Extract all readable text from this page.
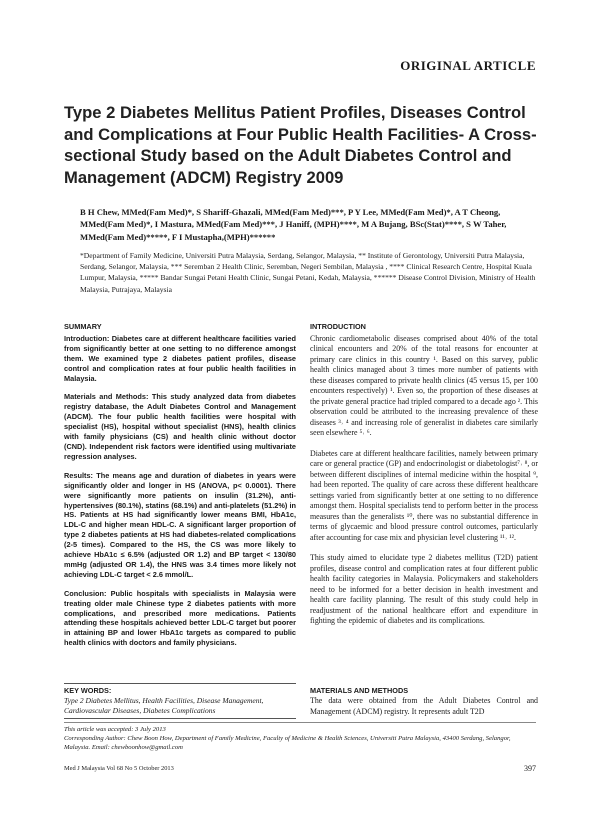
ORIGINAL ARTICLE
Type 2 Diabetes Mellitus Patient Profiles, Diseases Control and Complications at Four Public Health Facilities- A Cross-sectional Study based on the Adult Diabetes Control and Management (ADCM) Registry 2009
B H Chew, MMed(Fam Med)*, S Shariff-Ghazali, MMed(Fam Med)***, P Y Lee, MMed(Fam Med)*, A T Cheong, MMed(Fam Med)*, I Mastura, MMed(Fam Med)***, J Haniff, (MPH)****, M A Bujang, BSc(Stat)****, S W Taher, MMed(Fam Med)*****, F I Mustapha,(MPH)******
*Department of Family Medicine, Universiti Putra Malaysia, Serdang, Selangor, Malaysia, ** Institute of Gerontology, Universiti Putra Malaysia, Serdang, Selangor, Malaysia, *** Seremban 2 Health Clinic, Seremban, Negeri Sembilan, Malaysia , **** Clinical Research Centre, Hospital Kuala Lumpur, Malaysia, ***** Bandar Sungai Petani Health Clinic, Sungai Petani, Kedah, Malaysia, ****** Disease Control Division, Ministry of Health Malaysia, Putrajaya, Malaysia
SUMMARY

Introduction: Diabetes care at different healthcare facilities varied from significantly better at one setting to no difference amongst them. We examined type 2 diabetes patient profiles, disease control and complication rates at four public health facilities in Malaysia.

Materials and Methods: This study analyzed data from diabetes registry database, the Adult Diabetes Control and Management (ADCM). The four public health facilities were hospital with specialist (HS), hospital without specialist (HNS), health clinics with family physicians (CS) and health clinic without doctor (CND). Independent risk factors were identified using multivariate regression analyses.

Results: The means age and duration of diabetes in years were significantly older and longer in HS (ANOVA, p< 0.0001). There were significantly more patients on insulin (31.2%), anti-hypertensives (80.1%), statins (68.1%) and anti-platelets (51.2%) in HS. Patients at HS had significantly lower means BMI, HbA1c, LDL-C and higher mean HDL-C. A significant larger proportion of type 2 diabetes patients at HS had diabetes-related complications (2-5 times). Compared to the HS, the CS was more likely to achieve HbA1c ≤ 6.5% (adjusted OR 1.2) and BP target < 130/80 mmHg (adjusted OR 1.4), the HNS was 3.4 times more likely not achieving LDL-C target < 2.6 mmol/L.

Conclusion: Public hospitals with specialists in Malaysia were treating older male Chinese type 2 diabetes patients with more complications, and prescribed more medications. Patients attending these hospitals achieved better LDL-C target but poorer in attaining BP and lower HbA1c targets as compared to public health clinics with doctors and family physicians.

KEY WORDS:
Type 2 Diabetes Mellitus, Health Facilities, Disease Management, Cardiovascular Diseases, Diabetes Complications
INTRODUCTION

Chronic cardiometabolic diseases comprised about 40% of the total clinical encounters and 20% of the total reasons for encounter at primary care clinics in this country ¹. Based on this survey, public health clinics managed about 3 times more number of patients with these diseases compared to private health clinics (45 versus 15, per 100 encounters respectively) ¹. Even so, the proportion of these diseases at the private general practice had tripled compared to a decade ago ². This observation could be attributed to the increasing prevalence of these diseases ³˒ ⁴ and increasing role of generalist in diabetes care similarly seen elsewhere ⁵˒ ⁶.

Diabetes care at different healthcare facilities, namely between primary care or general practice (GP) and endocrinologist or diabetologist⁷˒ ⁸, or between different disciplines of internal medicine within the hospital ⁹, had been reported. The quality of care across these different healthcare settings varied from significantly better at one setting to no difference amongst them. Hospital specialists tend to perform better in the process measures than the generalists ¹⁰, there was no substantial difference in terms of glycaemic and blood pressure control outcomes, particularly after accounting for case mix and physician level clustering ¹¹˒ ¹².

This study aimed to elucidate type 2 diabetes mellitus (T2D) patient profiles, disease control and complication rates at four different public health facility categories in Malaysia. Policymakers and stakeholders need to be informed for a better decision in health investment and health care facility planning. The result of this study could help in readjustment of the national healthcare effort and expenditure in fighting the epidemic of diabetes and its complications.

MATERIALS AND METHODS
The data were obtained from the Adult Diabetes Control and Management (ADCM) registry. It represents adult T2D
This article was accepted: 3 July 2013
Corresponding Author: Chew Boon How, Department of Family Medicine, Faculty of Medicine & Health Sciences, Universiti Putra Malaysia, 43400 Serdang, Selangor, Malaysia. Email: chewboonhow@gmail.com
Med J Malaysia Vol 68 No 5 October 2013	397
